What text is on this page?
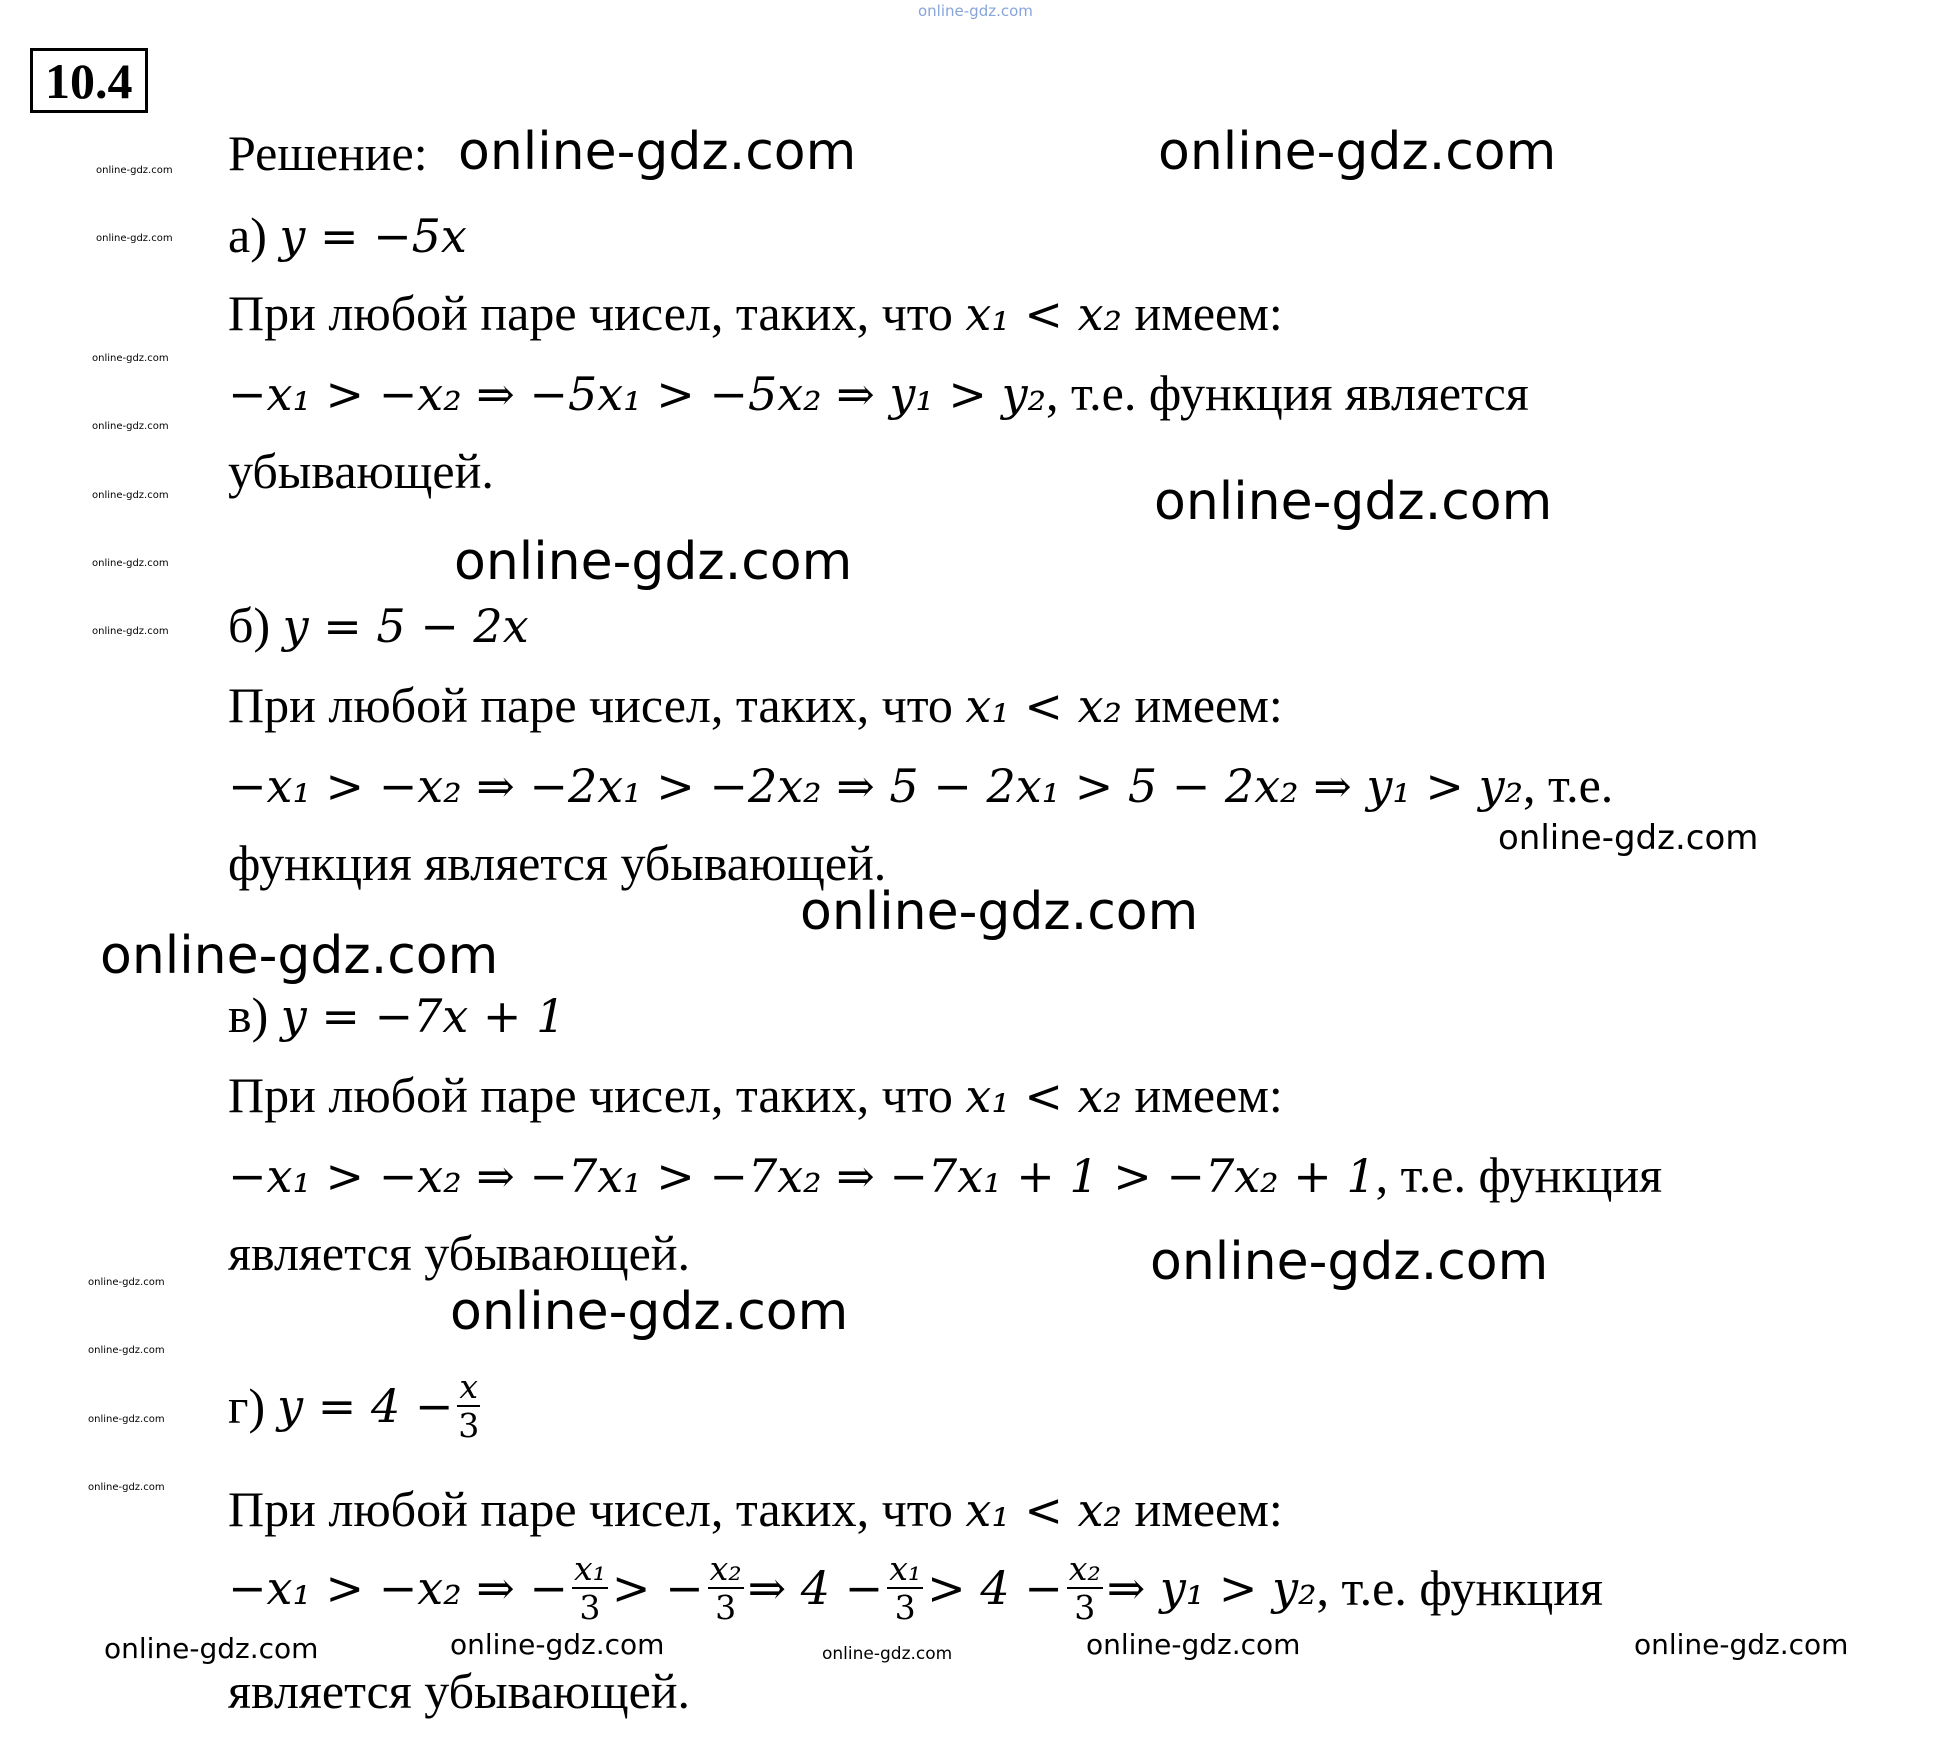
online-gdz.com
10.4
online-gdz.com
online-gdz.com
online-gdz.com
online-gdz.com
online-gdz.com
online-gdz.com
online-gdz.com
online-gdz.com
online-gdz.com
online-gdz.com
online-gdz.com
online-gdz.com	online-gdz.com
online-gdz.com
online-gdz.com
online-gdz.com
online-gdz.com
online-gdz.com
online-gdz.com
online-gdz.com
online-gdz.com	online-gdz.com	online-gdz.com	online-gdz.com	online-gdz.com
Решение:
а) y = −5x
При любой паре чисел, таких, что x₁ < x₂ имеем:
−x₁ > −x₂ ⇒ −5x₁ > −5x₂ ⇒ y₁ > y₂, т.е. функция является
убывающей.
б) y = 5 − 2x
При любой паре чисел, таких, что x₁ < x₂ имеем:
−x₁ > −x₂ ⇒ −2x₁ > −2x₂ ⇒ 5 − 2x₁ > 5 − 2x₂ ⇒ y₁ > y₂, т.е.
функция является убывающей.
в) y = −7x + 1
При любой паре чисел, таких, что x₁ < x₂ имеем:
−x₁ > −x₂ ⇒ −7x₁ > −7x₂ ⇒ −7x₁ + 1 > −7x₂ + 1, т.е. функция
является убывающей.
г) $y = 4 - \frac{x}{3}$
При любой паре чисел, таких, что x₁ < x₂ имеем:
−x₁ > −x₂ ⇒ − $\frac{\text{x₁}}{3}$ > − $\frac{\text{x₂}}{3}$ ⇒ $4 - \frac{\text{x₁}}{3} > 4 - \frac{\text{x₂}}{3}$ ⇒ y₁ > y₂ , т.е. функция
является убывающей.
